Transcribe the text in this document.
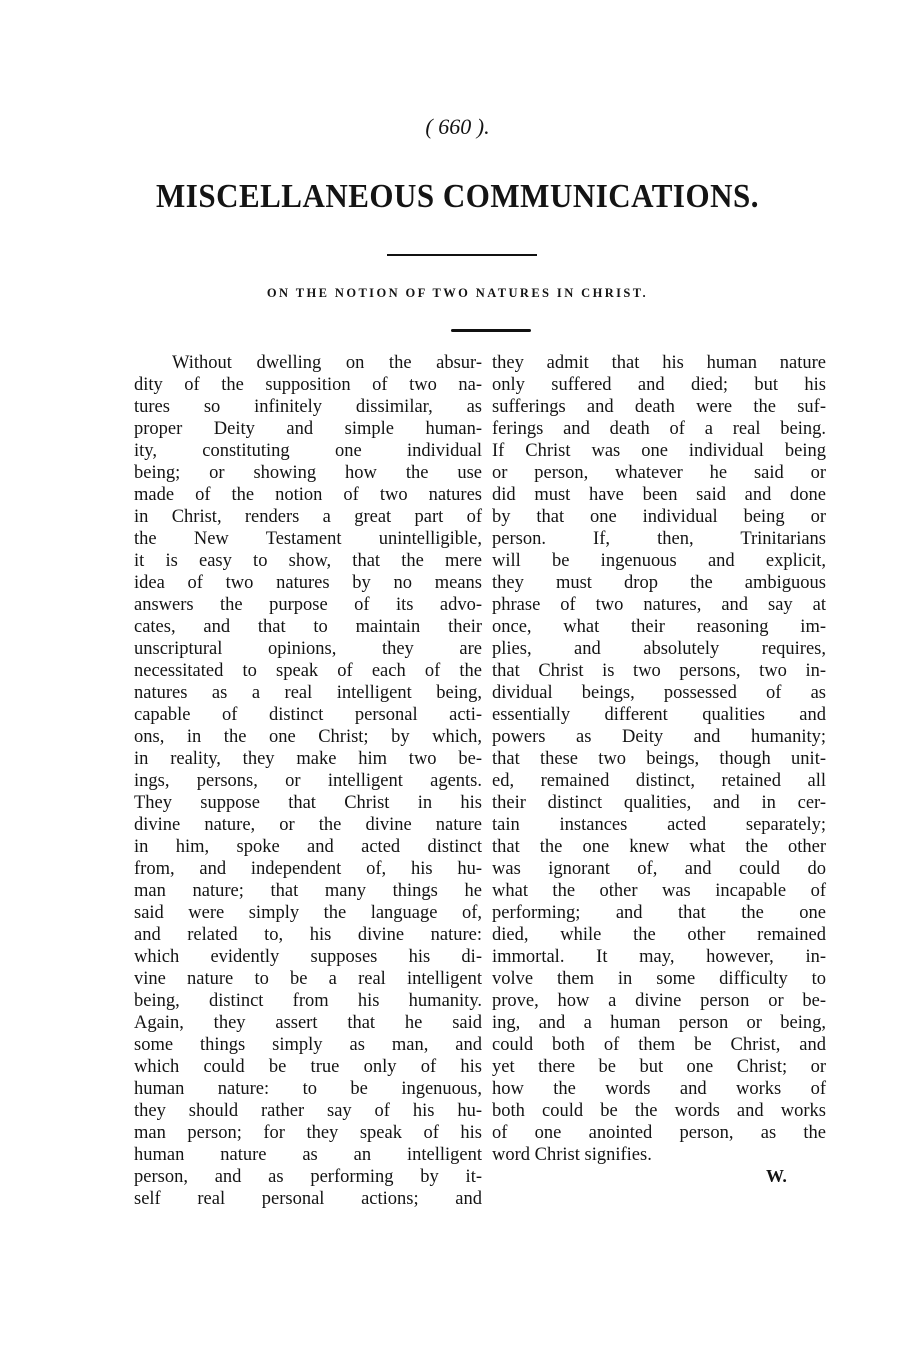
( 660 ).
MISCELLANEOUS COMMUNICATIONS.
ON THE NOTION OF TWO NATURES IN CHRIST.
Without dwelling on the absur-
dity of the supposition of two na-
tures so infinitely dissimilar, as
proper Deity and simple human-
ity, constituting one individual
being; or showing how the use
made of the notion of two natures
in Christ, renders a great part of
the New Testament unintelligible,
it is easy to show, that the mere
idea of two natures by no means
answers the purpose of its advo-
cates, and that to maintain their
unscriptural opinions, they are
necessitated to speak of each of the
natures as a real intelligent being,
capable of distinct personal acti-
ons, in the one Christ; by which,
in reality, they make him two be-
ings, persons, or intelligent agents.
They suppose that Christ in his
divine nature, or the divine nature
in him, spoke and acted distinct
from, and independent of, his hu-
man nature; that many things he
said were simply the language of,
and related to, his divine nature:
which evidently supposes his di-
vine nature to be a real intelligent
being, distinct from his humanity.
Again, they assert that he said
some things simply as man, and
which could be true only of his
human nature: to be ingenuous,
they should rather say of his hu-
man person; for they speak of his
human nature as an intelligent
person, and as performing by it-
self real personal actions; and
they admit that his human nature
only suffered and died; but his
sufferings and death were the suf-
ferings and death of a real being.
If Christ was one individual being
or person, whatever he said or
did must have been said and done
by that one individual being or
person. If, then, Trinitarians
will be ingenuous and explicit,
they must drop the ambiguous
phrase of two natures, and say at
once, what their reasoning im-
plies, and absolutely requires,
that Christ is two persons, two in-
dividual beings, possessed of as
essentially different qualities and
powers as Deity and humanity;
that these two beings, though unit-
ed, remained distinct, retained all
their distinct qualities, and in cer-
tain instances acted separately;
that the one knew what the other
was ignorant of, and could do
what the other was incapable of
performing; and that the one
died, while the other remained
immortal. It may, however, in-
volve them in some difficulty to
prove, how a divine person or be-
ing, and a human person or being,
could both of them be Christ, and
yet there be but one Christ; or
how the words and works of
both could be the words and works
of one anointed person, as the
word Christ signifies.
W.
